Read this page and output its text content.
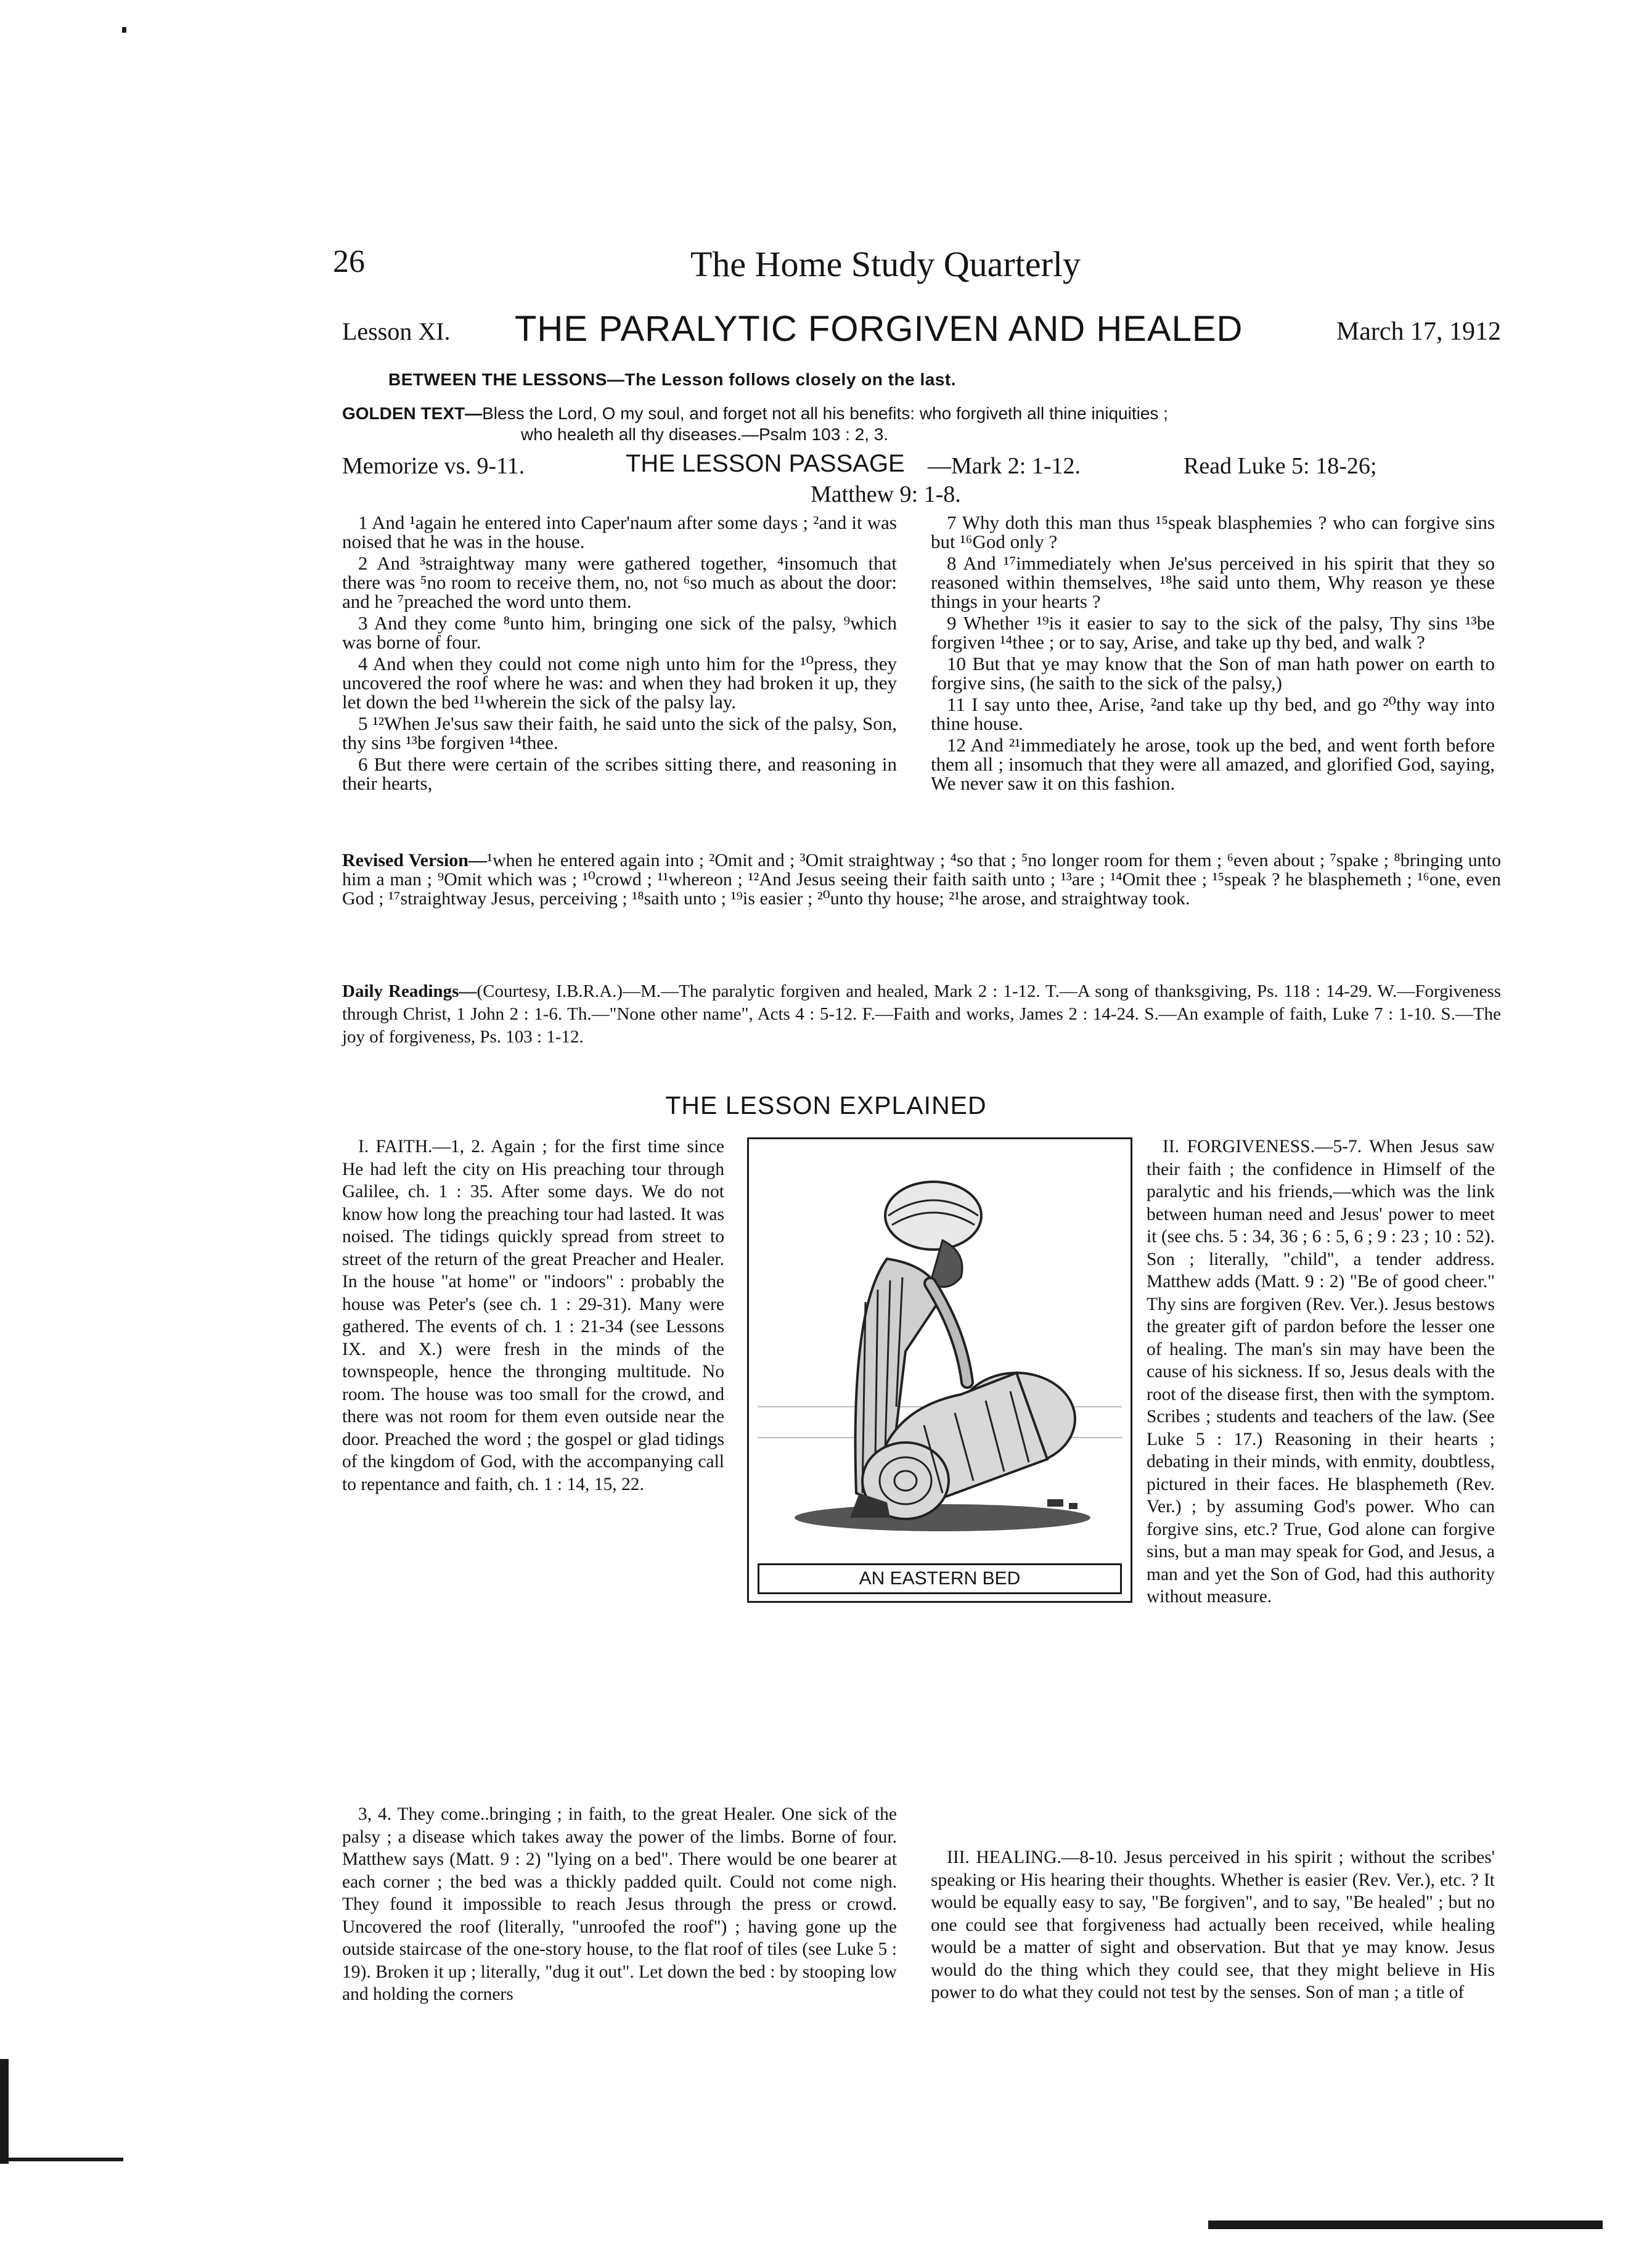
26	The Home Study Quarterly
Lesson XI. THE PARALYTIC FORGIVEN AND HEALED	March 17, 1912
BETWEEN THE LESSONS—The Lesson follows closely on the last.
GOLDEN TEXT—Bless the Lord, O my soul, and forget not all his benefits: who forgiveth all thine iniquities ;
who healeth all thy diseases.—Psalm 103 : 2, 3.
Memorize vs. 9-11.	THE LESSON PASSAGE —Mark 2: 1-12.	Read Luke 5: 18-26;
Matthew 9: 1-8.

1 And ¹again he entered into Caper'naum after some days ; ²and it was noised that he was in the house.

2 And ³straightway many were gathered together, ⁴insomuch that there was ⁵no room to receive them, no, not ⁶so much as about the door: and he ⁷preached the word unto them.

3 And they come ⁸unto him, bringing one sick of the palsy, ⁹which was borne of four.

4 And when they could not come nigh unto him for the ¹⁰press, they uncovered the roof where he was: and when they had broken it up, they let down the bed ¹¹wherein the sick of the palsy lay.

5 ¹²When Je'sus saw their faith, he said unto the sick of the palsy, Son, thy sins ¹³be forgiven ¹⁴thee.

6 But there were certain of the scribes sitting there, and reasoning in their hearts,

7 Why doth this man thus ¹⁵speak blasphemies ? who can forgive sins but ¹⁶God only ?

8 And ¹⁷immediately when Je'sus perceived in his spirit that they so reasoned within themselves, ¹⁸he said unto them, Why reason ye these things in your hearts ?

9 Whether ¹⁹is it easier to say to the sick of the palsy, Thy sins ¹³be forgiven ¹⁴thee ; or to say, Arise, and take up thy bed, and walk ?

10 But that ye may know that the Son of man hath power on earth to forgive sins, (he saith to the sick of the palsy,)

11 I say unto thee, Arise, ²and take up thy bed, and go ²⁰thy way into thine house.

12 And ²¹immediately he arose, took up the bed, and went forth before them all ; insomuch that they were all amazed, and glorified God, saying, We never saw it on this fashion.

Revised Version—¹when he entered again into ; ²Omit and ; ³Omit straightway ; ⁴so that ; ⁵no longer room for them ; ⁶even about ; ⁷spake ; ⁸bringing unto him a man ; ⁹Omit which was ; ¹⁰crowd ; ¹¹whereon ; ¹²And Jesus seeing their faith saith unto ; ¹³are ; ¹⁴Omit thee ; ¹⁵speak ? he blasphemeth ; ¹⁶one, even God ; ¹⁷straightway Jesus, perceiving ; ¹⁸saith unto ; ¹⁹is easier ; ²⁰unto thy house; ²¹he arose, and straightway took.
Daily Readings—(Courtesy, I.B.R.A.)—M.—The paralytic forgiven and healed, Mark 2 : 1-12. T.—A song of thanksgiving, Ps. 118 : 14-29. W.—Forgiveness through Christ, 1 John 2 : 1-6. Th.—"None other name", Acts 4 : 5-12. F.—Faith and works, James 2 : 14-24. S.—An example of faith, Luke 7 : 1-10. S.—The joy of forgiveness, Ps. 103 : 1-12.
THE LESSON EXPLAINED

I. FAITH.—1, 2. Again ; for the first time since He had left the city on His preaching tour through Galilee, ch. 1 : 35. After some days. We do not know how long the preaching tour had lasted. It was noised. The tidings quickly spread from street to street of the return of the great Preacher and Healer. In the house "at home" or "indoors" : probably the house was Peter's (see ch. 1 : 29-31). Many were gathered. The events of ch. 1 : 21-34 (see Lessons IX. and X.) were fresh in the minds of the townspeople, hence the thronging multitude. No room. The house was too small for the crowd, and there was not room for them even outside near the door. Preached the word ; the gospel or glad tidings of the kingdom of God, with the accompanying call to repentance and faith, ch. 1 : 14, 15, 22.

3, 4. They come..bringing ; in faith, to the great Healer. One sick of the palsy ; a disease which takes away the power of the limbs. Borne of four. Matthew says (Matt. 9 : 2) "lying on a bed". There would be one bearer at each corner ; the bed was a thickly padded quilt. Could not come nigh. They found it impossible to reach Jesus through the press or crowd. Uncovered the roof (literally, "unroofed the roof") ; having gone up the outside staircase of the one-story house, to the flat roof of tiles (see Luke 5 : 19). Broken it up ; literally, "dug it out". Let down the bed : by stooping low and holding the corners

II. FORGIVENESS.—5-7. When Jesus saw their faith ; the confidence in Himself of the paralytic and his friends,—which was the link between human need and Jesus' power to meet it (see chs. 5 : 34, 36 ; 6 : 5, 6 ; 9 : 23 ; 10 : 52). Son ; literally, "child", a tender address. Matthew adds (Matt. 9 : 2) "Be of good cheer." Thy sins are forgiven (Rev. Ver.). Jesus bestows the greater gift of pardon before the lesser one of healing. The man's sin may have been the cause of his sickness. If so, Jesus deals with the root of the disease first, then with the symptom. Scribes ; students and teachers of the law. (See Luke 5 : 17.) Reasoning in their hearts ; debating in their minds, with enmity, doubtless, pictured in their faces. He blasphemeth (Rev. Ver.) ; by assuming God's power. Who can forgive sins, etc.? True, God alone can forgive sins, but a man may speak for God, and Jesus, a man and yet the Son of God, had this authority without measure.

III. HEALING.—8-10. Jesus perceived in his spirit ; without the scribes' speaking or His hearing their thoughts. Whether is easier (Rev. Ver.), etc. ? It would be equally easy to say, "Be forgiven", and to say, "Be healed" ; but no one could see that forgiveness had actually been received, while healing would be a matter of sight and observation. But that ye may know. Jesus would do the thing which they could see, that they might believe in His power to do what they could not test by the senses. Son of man ; a title of

AN EASTERN BED
